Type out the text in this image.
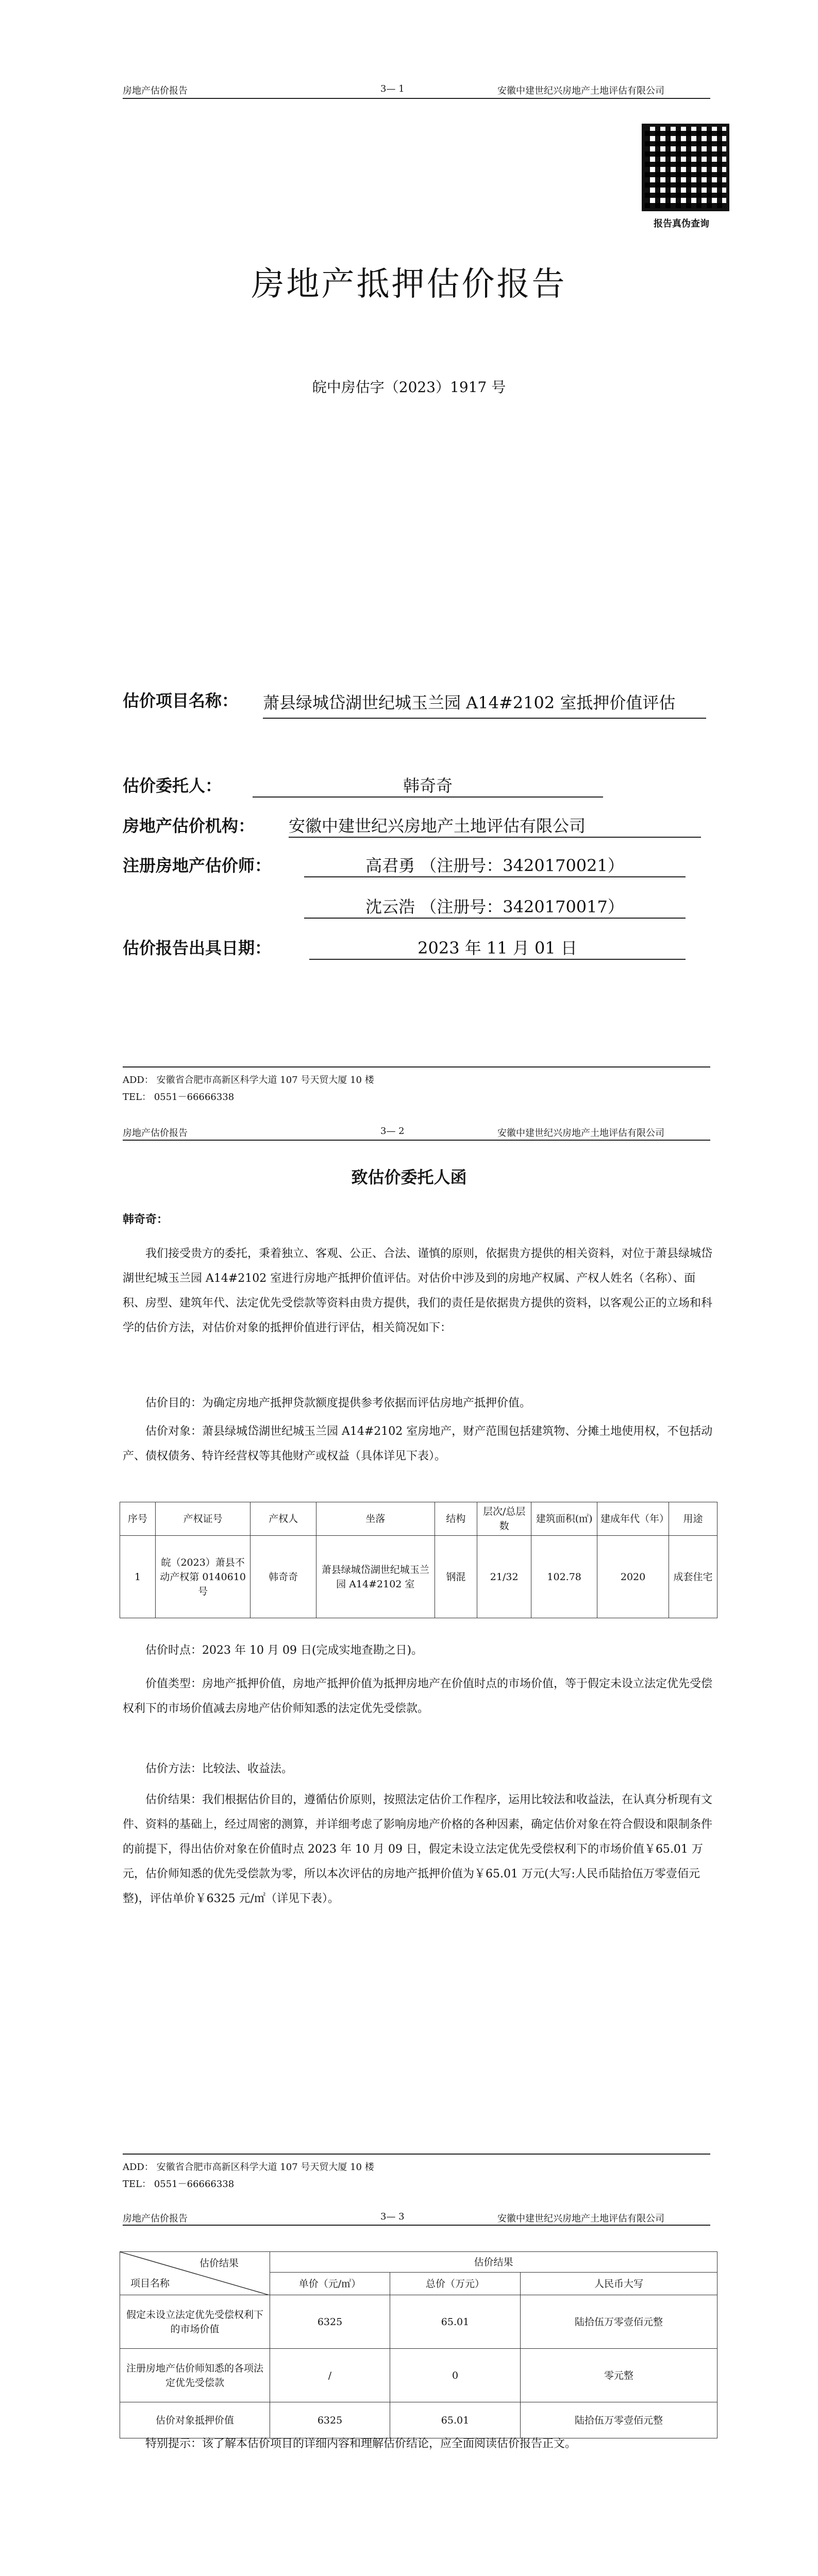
房地产估价报告	3— 1	安徽中建世纪兴房地产土地评估有限公司
报告真伪查询
房地产抵押估价报告
皖中房估字（2023）1917 号
估价项目名称： 萧县绿城岱湖世纪城玉兰园 A14#2102 室抵押价值评估
估价委托人：	韩奇奇
房地产估价机构： 安徽中建世纪兴房地产土地评估有限公司
注册房地产估价师：	高君勇 （注册号：3420170021）
沈云浩 （注册号：3420170017）
估价报告出具日期：	2023 年 11 月 01 日
ADD： 安徽省合肥市高新区科学大道 107 号天贸大厦 10 楼
TEL： 0551－66666338
房地产估价报告	3— 2	安徽中建世纪兴房地产土地评估有限公司
致估价委托人函
韩奇奇：
我们接受贵方的委托，秉着独立、客观、公正、合法、谨慎的原则，依据贵方提供的相关资料，对位于萧县绿城岱湖世纪城玉兰园 A14#2102 室进行房地产抵押价值评估。对估价中涉及到的房地产权属、产权人姓名（名称）、面积、房型、建筑年代、法定优先受偿款等资料由贵方提供，我们的责任是依据贵方提供的资料，以客观公正的立场和科学的估价方法，对估价对象的抵押价值进行评估，相关简况如下：
估价目的：为确定房地产抵押贷款额度提供参考依据而评估房地产抵押价值。
估价对象：萧县绿城岱湖世纪城玉兰园 A14#2102 室房地产，财产范围包括建筑物、分摊土地使用权，不包括动产、债权债务、特许经营权等其他财产或权益（具体详见下表）。
序号	产权证号	产权人	坐落	结构	层次/总层数	建筑面积(㎡)	建成年代（年）	用途
1	皖（2023）萧县不动产权第 0140610 号	韩奇奇	萧县绿城岱湖世纪城玉兰园 A14#2102 室	钢混	21/32	102.78	2020	成套住宅
估价时点：2023 年 10 月 09 日(完成实地查勘之日)。
价值类型：房地产抵押价值，房地产抵押价值为抵押房地产在价值时点的市场价值，等于假定未设立法定优先受偿权利下的市场价值减去房地产估价师知悉的法定优先受偿款。
估价方法：比较法、收益法。
估价结果：我们根据估价目的，遵循估价原则，按照法定估价工作程序，运用比较法和收益法，在认真分析现有文件、资料的基础上，经过周密的测算，并详细考虑了影响房地产价格的各种因素，确定估价对象在符合假设和限制条件的前提下，得出估价对象在价值时点 2023 年 10 月 09 日，假定未设立法定优先受偿权利下的市场价值￥65.01 万元，估价师知悉的优先受偿款为零，所以本次评估的房地产抵押价值为￥65.01 万元(大写:人民币陆拾伍万零壹佰元整)，评估单价￥6325 元/㎡（详见下表）。
ADD： 安徽省合肥市高新区科学大道 107 号天贸大厦 10 楼
TEL： 0551－66666338
房地产估价报告	3— 3	安徽中建世纪兴房地产土地评估有限公司
估价结果
项目名称	估价结果		
	单价（元/㎡）	总价（万元）	人民币大写
假定未设立法定优先受偿权利下的市场价值	6325	65.01	陆拾伍万零壹佰元整
注册房地产估价师知悉的各项法定优先受偿款	/	0	零元整
估价对象抵押价值	6325	65.01	陆拾伍万零壹佰元整
特别提示：该了解本估价项目的详细内容和理解估价结论，应全面阅读估价报告正文。
